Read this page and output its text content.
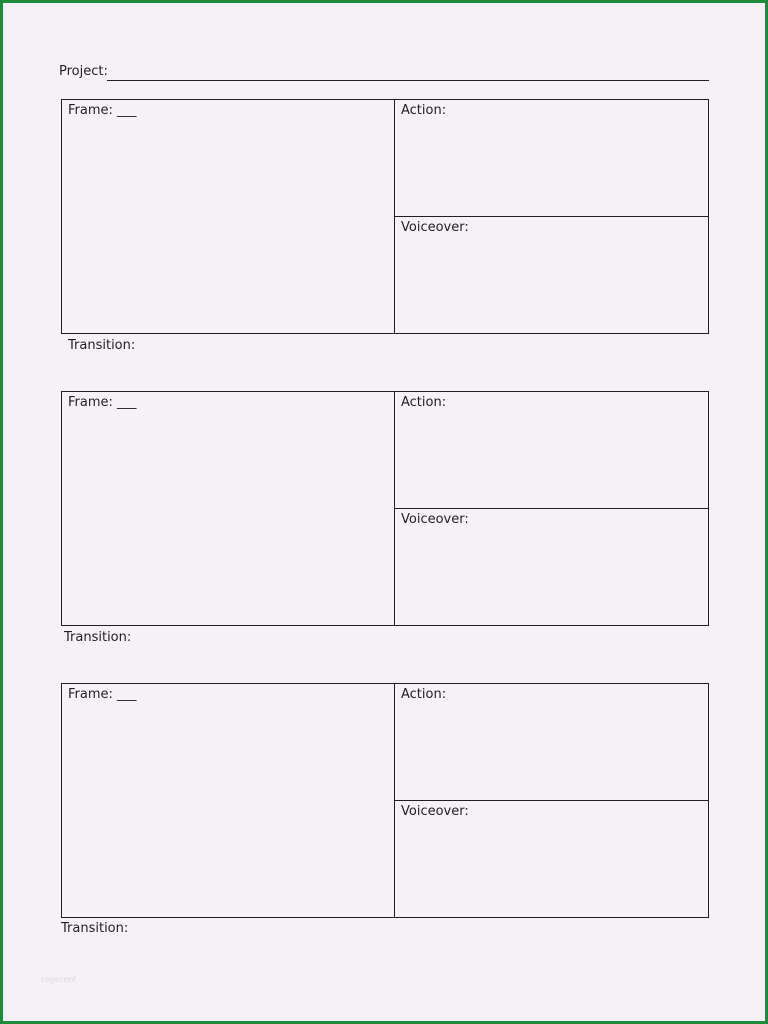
Project:
Frame: ___	Action:
Voiceover:
Transition:
Frame: ___	Action:
Voiceover:
Transition:
Frame: ___	Action:
Voiceover:
Transition:
rogecent
